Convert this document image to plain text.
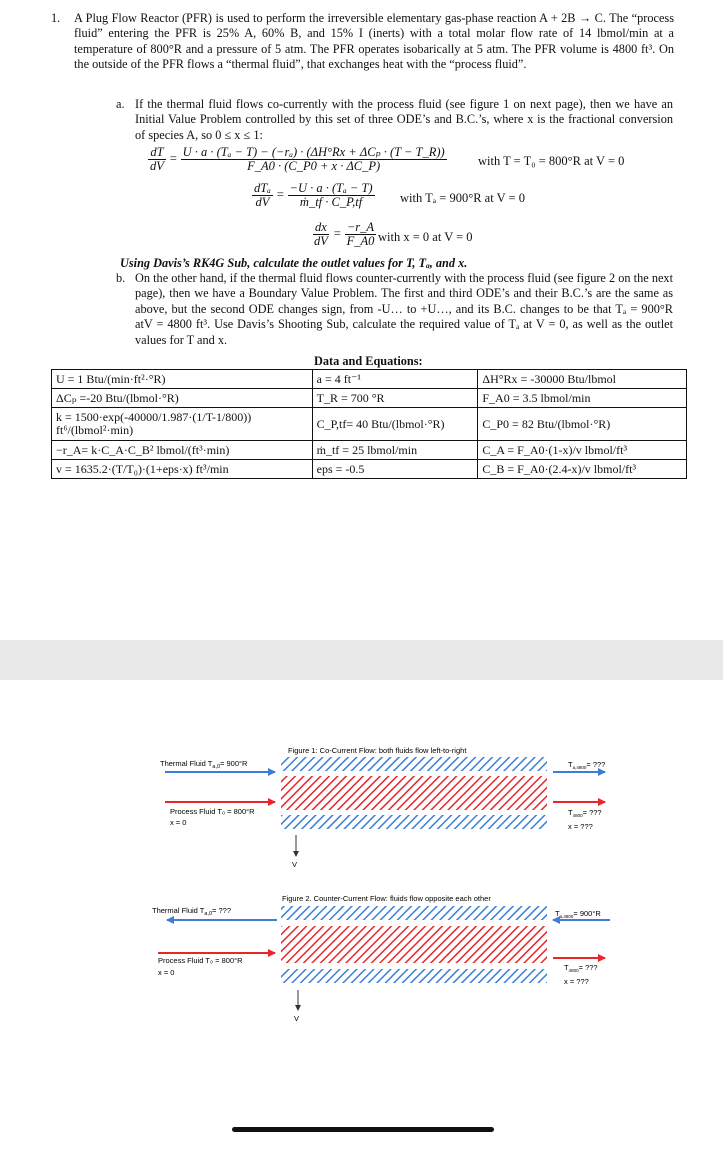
1.	A Plug Flow Reactor (PFR) is used to perform the irreversible elementary gas-phase reaction A + 2B → C. The “process fluid” entering the PFR is 25% A, 60% B, and 15% I (inerts) with a total molar flow rate of 14 lbmol/min at a temperature of 800°R and a pressure of 5 atm. The PFR operates isobarically at 5 atm. The PFR volume is 4800 ft³. On the outside of the PFR flows a “thermal fluid”, that exchanges heat with the “process fluid”.
a. If the thermal fluid flows co-currently with the process fluid (see figure 1 on next page), then we have an Initial Value Problem controlled by this set of three ODE’s and B.C.’s, where x is the fractional conversion of species A, so 0 ≤ x ≤ 1:
$\frac{dT}{dV} = \frac{\text{U · a · (Tₐ − T) − (−rₐ) · (ΔH°Rx + ΔCₚ · (T − T\_R))}}{F\_A0 \cdot (C\_P0 + x \cdot \Delta C\_P)}$	with T = T₀ = 800°R at V = 0
$\frac{\text{dTₐ}}{dV} = \frac{\text{−U · a · (Tₐ − T)}}{\text{ṁ\_tf · C\_P,tf}}$ with Tₐ = 900°R at V = 0
$\frac{dx}{dV} = \frac{-r\_A}{F\_A0}$ with x = 0 at V = 0
Using Davis’s RK4G Sub, calculate the outlet values for T, Tₐ, and x.
b. On the other hand, if the thermal fluid flows counter-currently with the process fluid (see figure 2 on the next page), then we have a Boundary Value Problem. The first and third ODE’s and their B.C.’s are the same as above, but the second ODE changes sign, from -U… to +U…, and its B.C. changes to be that Tₐ = 900°R atV = 4800 ft³. Use Davis’s Shooting Sub, calculate the required value of Tₐ at V = 0, as well as the outlet values for T and x.
Data and Equations:
U = 1 Btu/(min·ft²·°R)	a = 4 ft⁻¹	ΔH°Rx = -30000 Btu/lbmol
ΔCₚ =-20 Btu/(lbmol·°R)	T_R = 700 °R	F_A0 = 3.5 lbmol/min
k = 1500·exp(-40000/1.987·(1/T-1/800)) ft⁶/(lbmol²·min)	C_P,tf= 40 Btu/(lbmol·°R)	C_P0 = 82 Btu/(lbmol·°R)
−r_A= k·C_A·C_B² lbmol/(ft³·min)	ṁ_tf = 25 lbmol/min	C_A = F_A0·(1-x)/v lbmol/ft³
v = 1635.2·(T/T₀)·(1+eps·x) ft³/min	eps = -0.5	C_B = F_A0·(2.4-x)/v lbmol/ft³
Figure 1: Co-Current Flow: both fluids flow left-to-right
Thermal Fluid $T_{a,0}= 900^\circ R$
Process Fluid T₀ = 800°R
x = 0
$T_{a,4800}=$ ???
$T_{4800}=$ ???
x = ???
V
Figure 2. Counter-Current Flow: fluids flow opposite each other
Thermal Fluid $T_{a,0}=$ ???
Process Fluid T₀ = 800°R
x = 0
$T_{a,4800}= 900^\circ R$
$T_{4800}=$ ???
x = ???
V
